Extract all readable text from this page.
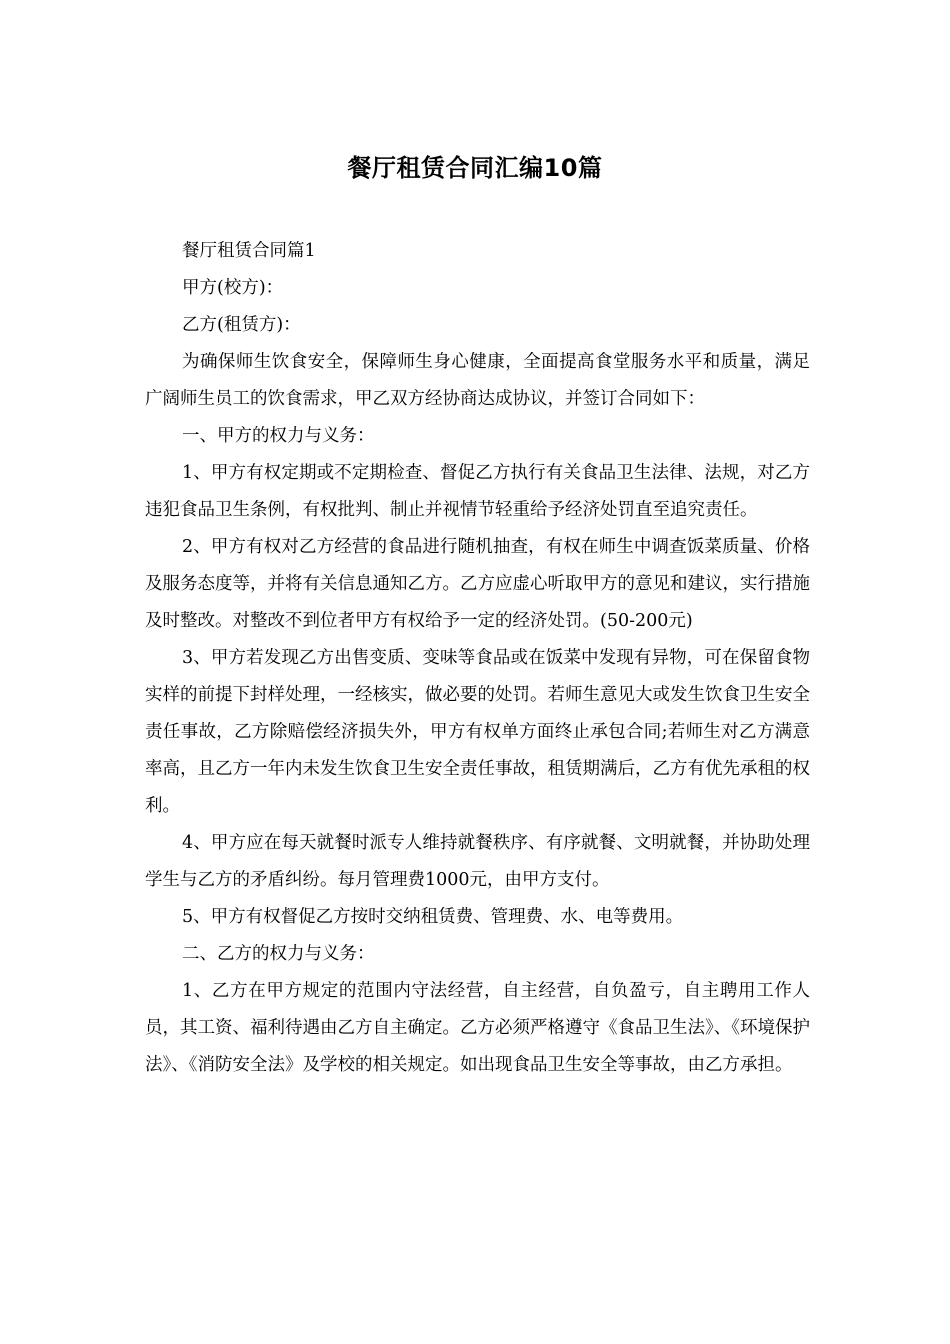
餐厅租赁合同汇编10篇

餐厅租赁合同篇1

甲方(校方)：

乙方(租赁方)：

为确保师生饮食安全，保障师生身心健康，全面提高食堂服务水平和质量，满足广阔师生员工的饮食需求，甲乙双方经协商达成协议，并签订合同如下：

一、甲方的权力与义务：

1、甲方有权定期或不定期检查、督促乙方执行有关食品卫生法律、法规，对乙方违犯食品卫生条例，有权批判、制止并视情节轻重给予经济处罚直至追究责任。

2、甲方有权对乙方经营的食品进行随机抽查，有权在师生中调查饭菜质量、价格及服务态度等，并将有关信息通知乙方。乙方应虚心听取甲方的意见和建议，实行措施及时整改。对整改不到位者甲方有权给予一定的经济处罚。(50-200元)

3、甲方若发现乙方出售变质、变味等食品或在饭菜中发现有异物，可在保留食物实样的前提下封样处理，一经核实，做必要的处罚。若师生意见大或发生饮食卫生安全责任事故，乙方除赔偿经济损失外，甲方有权单方面终止承包合同;若师生对乙方满意率高，且乙方一年内未发生饮食卫生安全责任事故，租赁期满后，乙方有优先承租的权利。

4、甲方应在每天就餐时派专人维持就餐秩序、有序就餐、文明就餐，并协助处理学生与乙方的矛盾纠纷。每月管理费1000元，由甲方支付。

5、甲方有权督促乙方按时交纳租赁费、管理费、水、电等费用。

二、乙方的权力与义务：

1、乙方在甲方规定的范围内守法经营，自主经营，自负盈亏，自主聘用工作人员，其工资、福利待遇由乙方自主确定。乙方必须严格遵守《食品卫生法》、《环境保护法》、《消防安全法》及学校的相关规定。如出现食品卫生安全等事故，由乙方承担。
